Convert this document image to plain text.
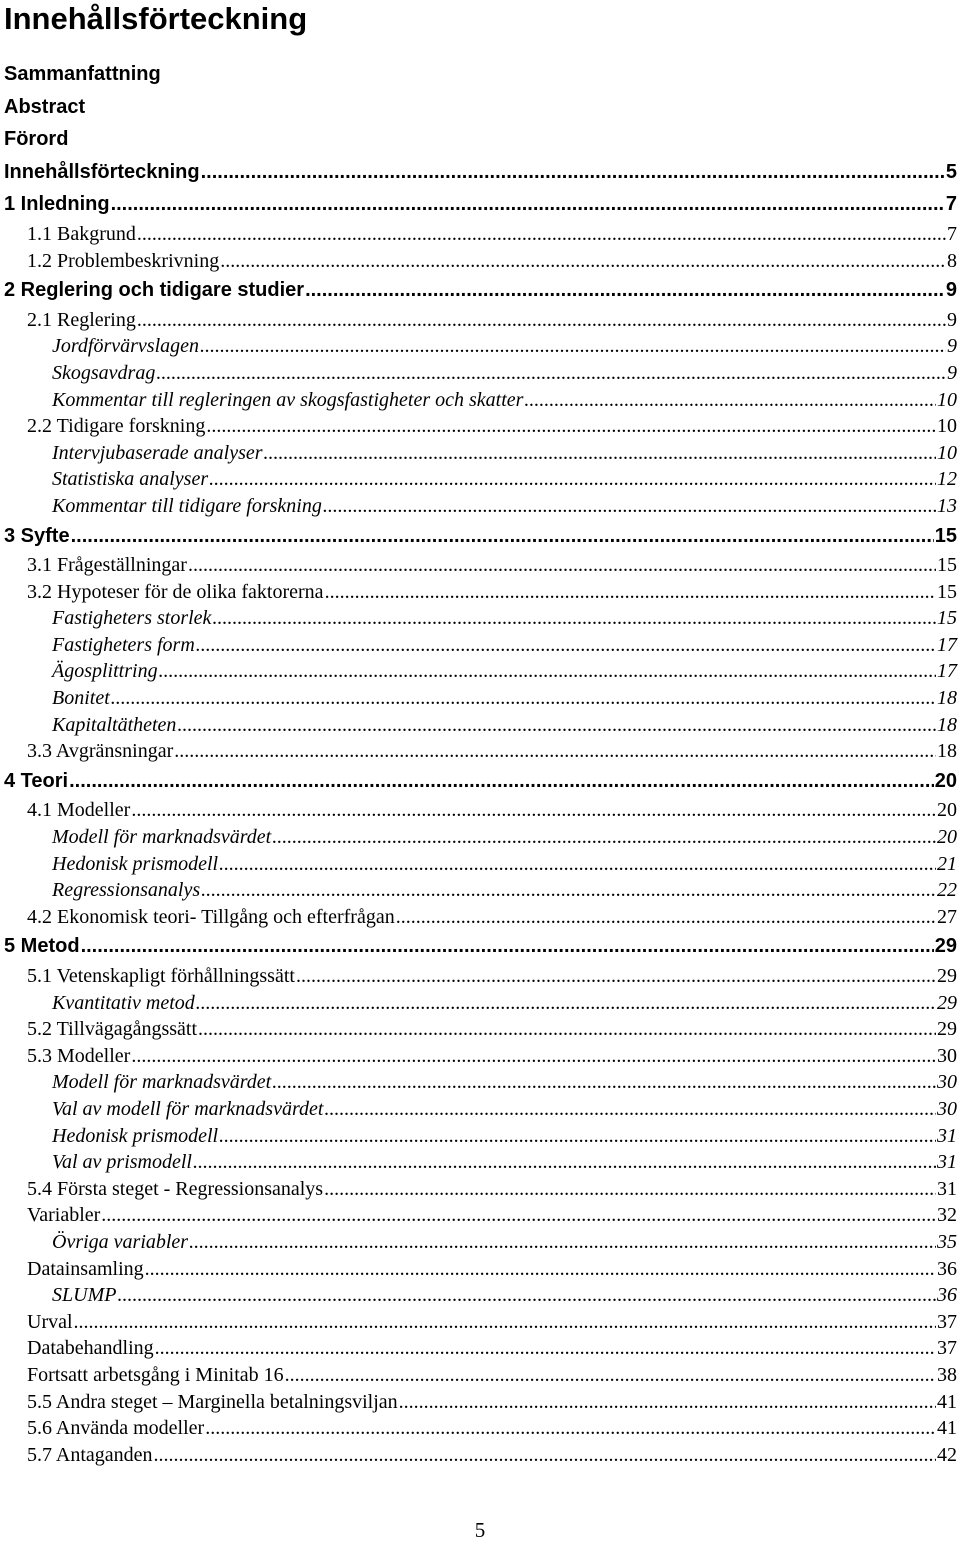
Innehållsförteckning
Sammanfattning
Abstract
Förord
Innehållsförteckning .....	5
1 Inledning .....	7
1.1 Bakgrund .....	7
1.2 Problembeskrivning .....	8
2 Reglering och tidigare studier .....	9
2.1 Reglering .....	9
Jordförvärvslagen .....	9
Skogsavdrag .....	9
Kommentar till regleringen av skogsfastigheter och skatter .....	10
2.2 Tidigare forskning .....	10
Intervjubaserade analyser .....	10
Statistiska analyser .....	12
Kommentar till tidigare forskning .....	13
3 Syfte .....	15
3.1 Frågeställningar .....	15
3.2 Hypoteser för de olika faktorerna .....	15
Fastigheters storlek .....	15
Fastigheters form .....	17
Ägosplittring .....	17
Bonitet .....	18
Kapitaltätheten .....	18
3.3 Avgränsningar .....	18
4 Teori .....	20
4.1 Modeller .....	20
Modell för marknadsvärdet .....	20
Hedonisk prismodell .....	21
Regressionsanalys .....	22
4.2 Ekonomisk teori- Tillgång och efterfrågan .....	27
5 Metod .....	29
5.1 Vetenskapligt förhållningssätt .....	29
Kvantitativ metod .....	29
5.2 Tillvägagångssätt .....	29
5.3 Modeller .....	30
Modell för marknadsvärdet .....	30
Val av modell för marknadsvärdet .....	30
Hedonisk prismodell .....	31
Val av prismodell .....	31
5.4 Första steget - Regressionsanalys .....	31
Variabler .....	32
Övriga variabler .....	35
Datainsamling .....	36
SLUMP .....	36
Urval .....	37
Databehandling .....	37
Fortsatt arbetsgång i Minitab 16 .....	38
5.5 Andra steget – Marginella betalningsviljan .....	41
5.6 Använda modeller .....	41
5.7 Antaganden .....	42
5
